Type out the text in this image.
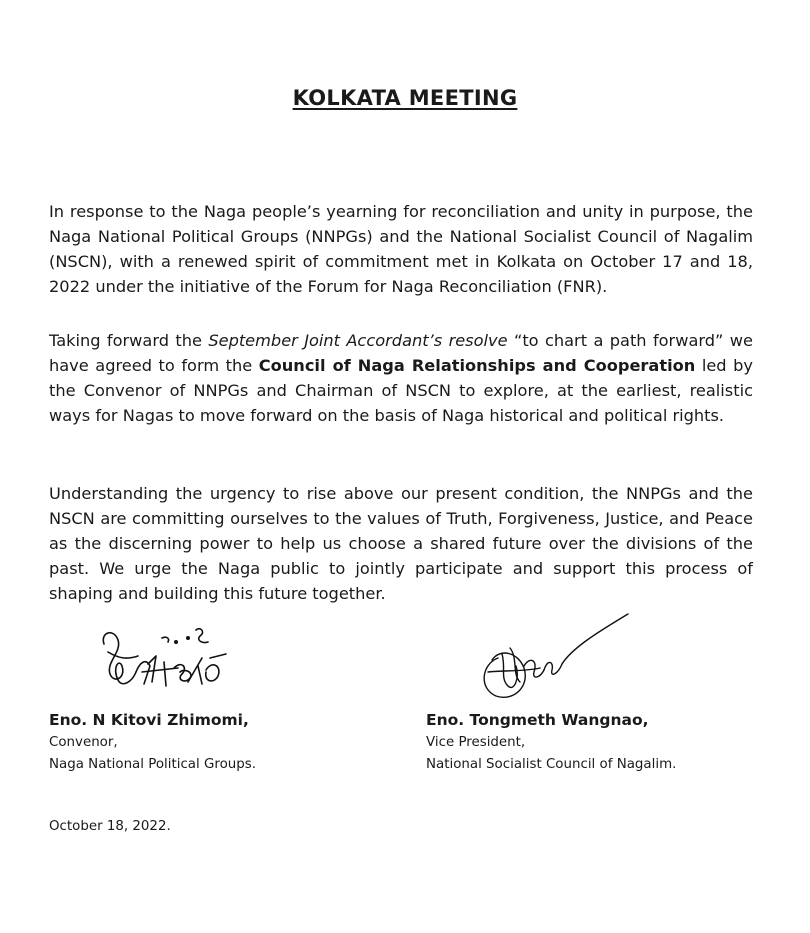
KOLKATA MEETING
In response to the Naga people’s yearning for reconciliation and unity in purpose, the Naga National Political Groups (NNPGs) and the National Socialist Council of Nagalim (NSCN), with a renewed spirit of commitment met in Kolkata on October 17 and 18, 2022 under the initiative of the Forum for Naga Reconciliation (FNR).
Taking forward the September Joint Accordant’s resolve “to chart a path forward” we have agreed to form the Council of Naga Relationships and Cooperation led by the Convenor of NNPGs and Chairman of NSCN to explore, at the earliest, realistic ways for Nagas to move forward on the basis of Naga historical and political rights.
Understanding the urgency to rise above our present condition, the NNPGs and the NSCN are committing ourselves to the values of Truth, Forgiveness, Justice, and Peace as the discerning power to help us choose a shared future over the divisions of the past. We urge the Naga public to jointly participate and support this process of shaping and building this future together.
Eno. N Kitovi Zhimomi,
Convenor,
Naga National Political Groups.
Eno. Tongmeth Wangnao,
Vice President,
National Socialist Council of Nagalim.
October 18, 2022.
